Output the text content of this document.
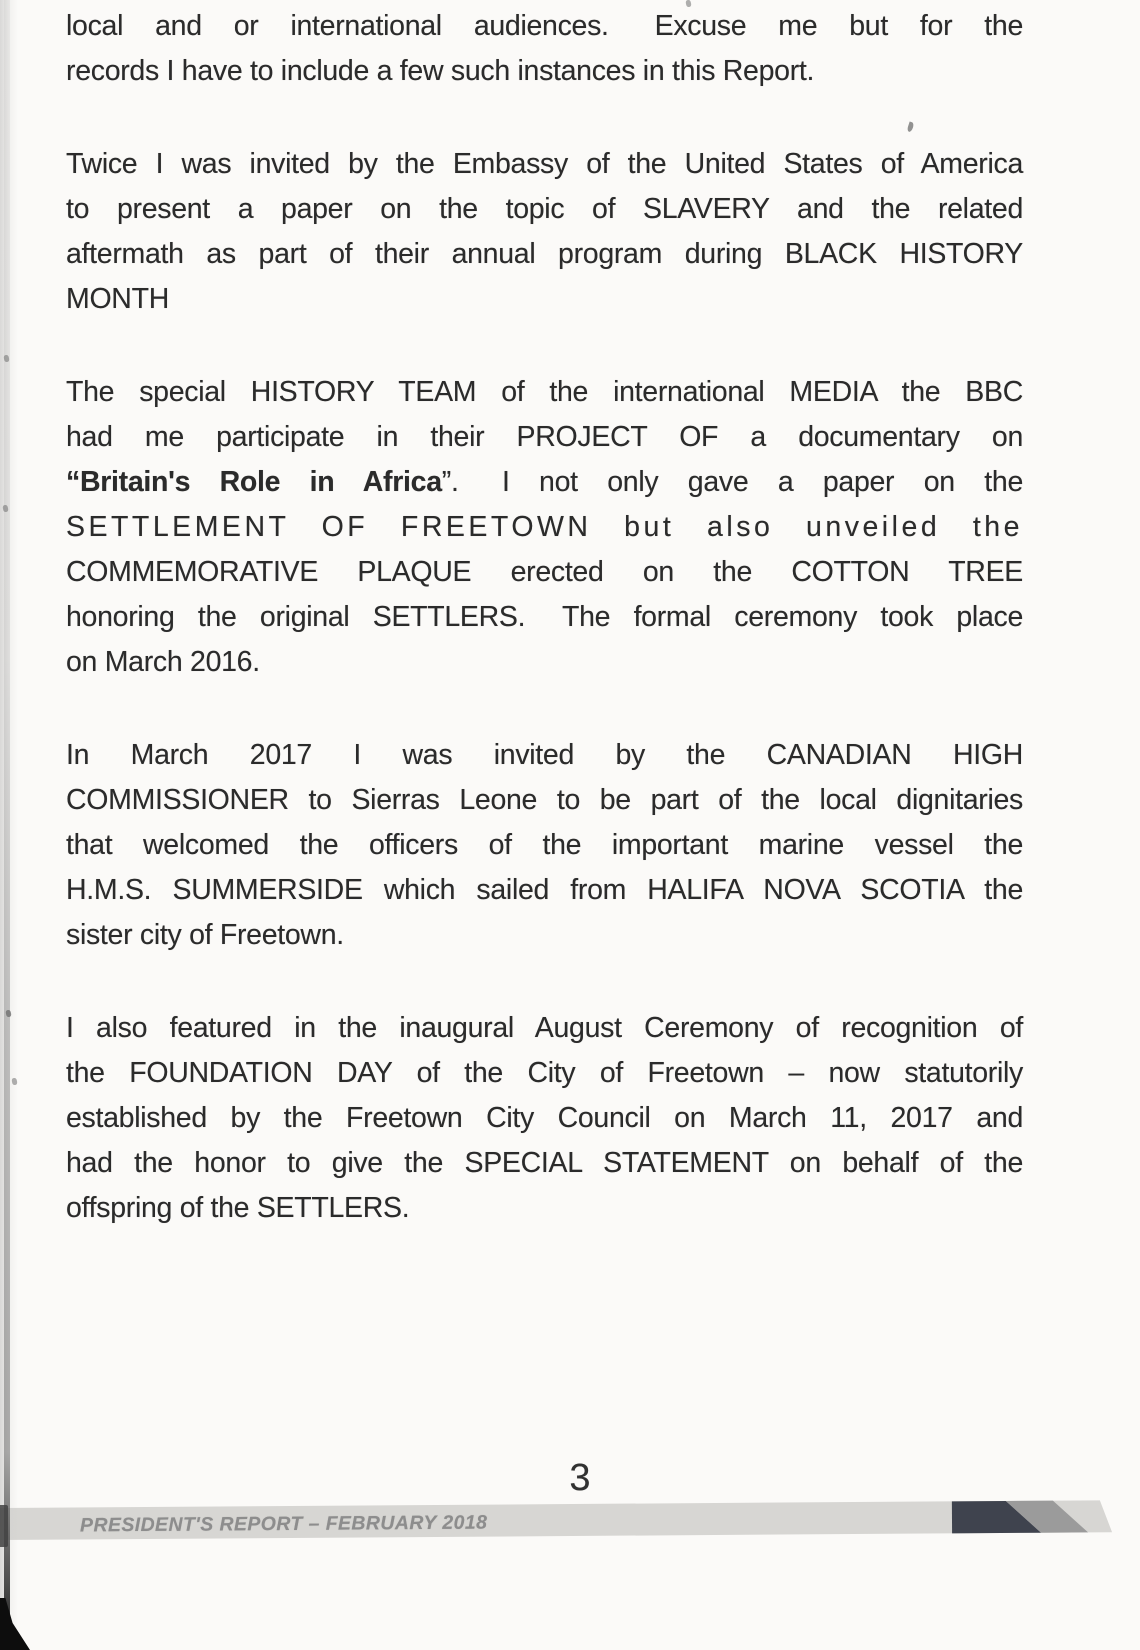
local and or international audiences.  Excuse me but for the
records I have to include a few such instances in this Report.
Twice I was invited by the Embassy of the United States of America
to present a paper on the topic of SLAVERY and the related
aftermath as part of their annual program during BLACK HISTORY
MONTH
The special HISTORY TEAM of the international MEDIA the BBC
had me participate in their PROJECT OF a documentary on
“Britain's Role in Africa”.  I not only gave a paper on the
SETTLEMENT OF FREETOWN but also unveiled the
COMMEMORATIVE PLAQUE erected on the COTTON TREE
honoring the original SETTLERS.  The formal ceremony took place
on March 2016.
In March 2017 I was invited by the CANADIAN HIGH
COMMISSIONER to Sierras Leone to be part of the local dignitaries
that welcomed the officers of the important marine vessel the
H.M.S. SUMMERSIDE which sailed from HALIFA NOVA SCOTIA the
sister city of Freetown.
I also featured in the inaugural August Ceremony of recognition of
the FOUNDATION DAY of the City of Freetown – now statutorily
established by the Freetown City Council on March 11, 2017 and
had the honor to give the SPECIAL STATEMENT on behalf of the
offspring of the SETTLERS.
3
PRESIDENT'S REPORT – FEBRUARY 2018
